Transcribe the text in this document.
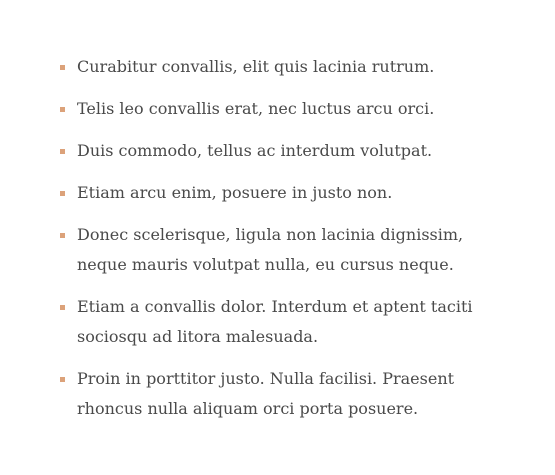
Curabitur convallis, elit quis lacinia rutrum.
Telis leo convallis erat, nec luctus arcu orci.
Duis commodo, tellus ac interdum volutpat.
Etiam arcu enim, posuere in justo non.
Donec scelerisque, ligula non lacinia dignissim, neque mauris volutpat nulla, eu cursus neque.
Etiam a convallis dolor. Interdum et aptent taciti sociosqu ad litora malesuada.
Proin in porttitor justo. Nulla facilisi. Praesent rhoncus nulla aliquam orci porta posuere.
